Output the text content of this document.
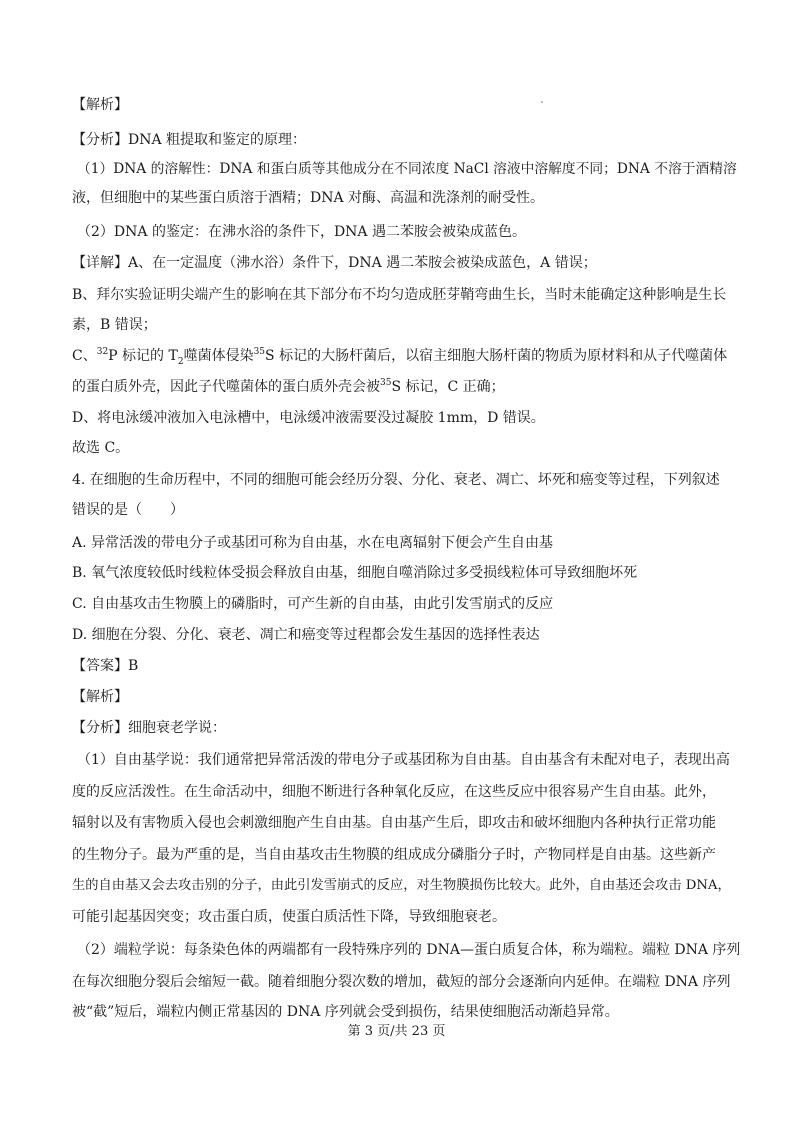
【解析】
【分析】DNA 粗提取和鉴定的原理：
（1）DNA 的溶解性：DNA 和蛋白质等其他成分在不同浓度 NaCl 溶液中溶解度不同；DNA 不溶于酒精溶
液，但细胞中的某些蛋白质溶于酒精；DNA 对酶、高温和洗涤剂的耐受性。
（2）DNA 的鉴定：在沸水浴的条件下，DNA 遇二苯胺会被染成蓝色。
【详解】A、在一定温度（沸水浴）条件下，DNA 遇二苯胺会被染成蓝色，A 错误；
B、拜尔实验证明尖端产生的影响在其下部分布不均匀造成胚芽鞘弯曲生长，当时未能确定这种影响是生长
素，B 错误；
C、$^{32}$P 标记的 $T_2$噬菌体侵染$^{35}$S 标记的大肠杆菌后，以宿主细胞大肠杆菌的物质为原材料和从子代噬菌体
的蛋白质外壳，因此子代噬菌体的蛋白质外壳会被$^{35}$S 标记，C 正确；
D、将电泳缓冲液加入电泳槽中，电泳缓冲液需要没过凝胶 1mm，D 错误。
故选 C。
4. 在细胞的生命历程中，不同的细胞可能会经历分裂、分化、衰老、凋亡、坏死和癌变等过程，下列叙述
错误的是（　　）
A. 异常活泼的带电分子或基团可称为自由基，水在电离辐射下便会产生自由基
B. 氧气浓度较低时线粒体受损会释放自由基，细胞自噬消除过多受损线粒体可导致细胞坏死
C. 自由基攻击生物膜上的磷脂时，可产生新的自由基，由此引发雪崩式的反应
D. 细胞在分裂、分化、衰老、凋亡和癌变等过程都会发生基因的选择性表达
【答案】B
【解析】
【分析】细胞衰老学说：
（1）自由基学说：我们通常把异常活泼的带电分子或基团称为自由基。自由基含有未配对电子，表现出高
度的反应活泼性。在生命活动中，细胞不断进行各种氧化反应，在这些反应中很容易产生自由基。此外，
辐射以及有害物质入侵也会刺激细胞产生自由基。自由基产生后，即攻击和破坏细胞内各种执行正常功能
的生物分子。最为严重的是，当自由基攻击生物膜的组成成分磷脂分子时，产物同样是自由基。这些新产
生的自由基又会去攻击别的分子，由此引发雪崩式的反应，对生物膜损伤比较大。此外，自由基还会攻击 DNA，
可能引起基因突变；攻击蛋白质，使蛋白质活性下降，导致细胞衰老。
（2）端粒学说：每条染色体的两端都有一段特殊序列的 DNA—蛋白质复合体，称为端粒。端粒 DNA 序列
在每次细胞分裂后会缩短一截。随着细胞分裂次数的增加，截短的部分会逐渐向内延伸。在端粒 DNA 序列
被“截”短后，端粒内侧正常基因的 DNA 序列就会受到损伤，结果使细胞活动渐趋异常。
第 3 页/共 23 页
